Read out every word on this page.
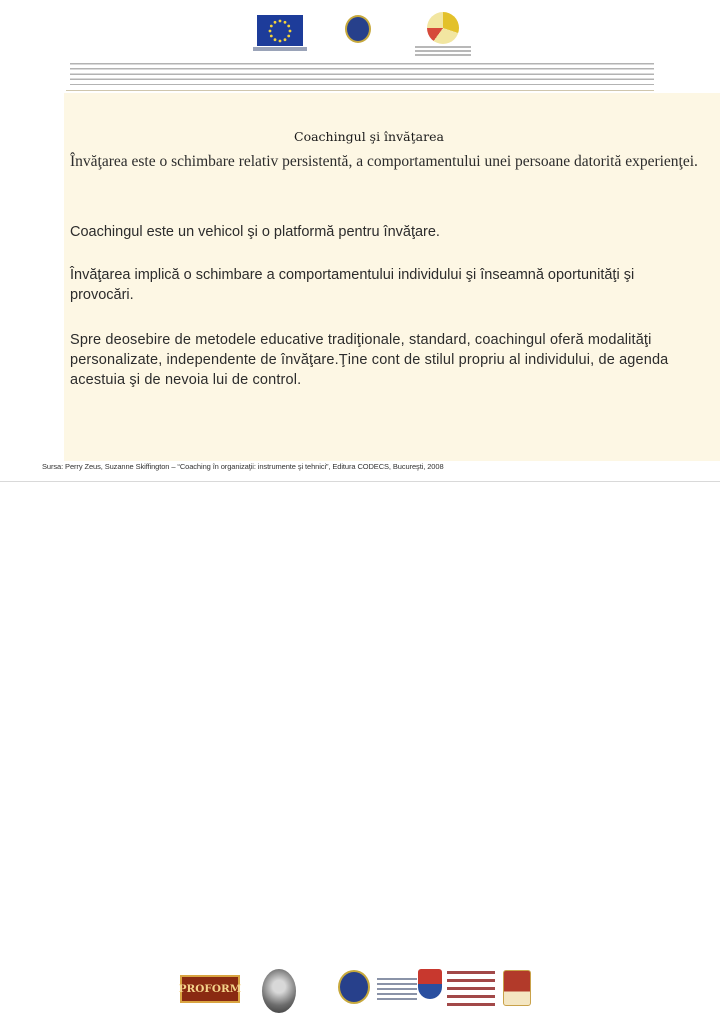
Coachingul şi învăţarea
Învăţarea este o schimbare relativ persistentă, a comportamentului unei persoane datorită experienţei.
Coachingul este un vehicol şi o platformă pentru învăţare.
Învăţarea implică o schimbare a comportamentului individului şi înseamnă oportunităţi şi provocări.
Spre deosebire de metodele educative tradiţionale, standard, coachingul oferă modalităţi personalizate, independente de învăţare.Ţine cont de stilul propriu al individului, de agenda acestuia şi de nevoia lui de control.
Sursa: Perry Zeus, Suzanne Skiffington – “Coaching în organizaţii: instrumente şi tehnici”, Editura CODECS, Bucureşti, 2008
PROFORM
